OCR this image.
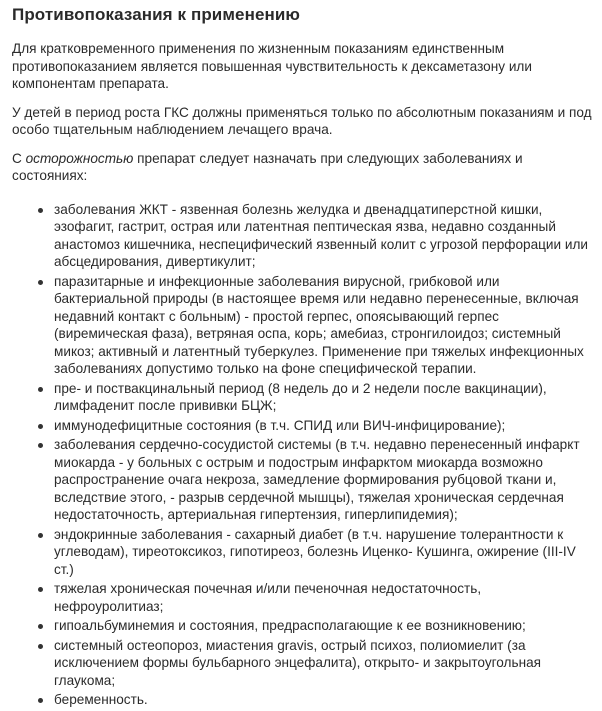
Противопоказания к применению

Для кратковременного применения по жизненным показаниям единственным противопоказанием является повышенная чувствительность к дексаметазону или компонентам препарата.

У детей в период роста ГКС должны применяться только по абсолютным показаниям и под особо тщательным наблюдением лечащего врача.

С осторожностью препарат следует назначать при следующих заболеваниях и состояниях:

заболевания ЖКТ - язвенная болезнь желудка и двенадцатиперстной кишки, эзофагит, гастрит, острая или латентная пептическая язва, недавно созданный анастомоз кишечника, неспецифический язвенный колит с угрозой перфорации или абсцедирования, дивертикулит;
паразитарные и инфекционные заболевания вирусной, грибковой или бактериальной природы (в настоящее время или недавно перенесенные, включая недавний контакт с больным) - простой герпес, опоясывающий герпес (виремическая фаза), ветряная оспа, корь; амебиаз, стронгилоидоз; системный микоз; активный и латентный туберкулез. Применение при тяжелых инфекционных заболеваниях допустимо только на фоне специфической терапии.
пре- и поствакцинальный период (8 недель до и 2 недели после вакцинации), лимфаденит после прививки БЦЖ;
иммунодефицитные состояния (в т.ч. СПИД или ВИЧ-инфицирование);
заболевания сердечно-сосудистой системы (в т.ч. недавно перенесенный инфаркт миокарда - у больных с острым и подострым инфарктом миокарда возможно распространение очага некроза, замедление формирования рубцовой ткани и, вследствие этого, - разрыв сердечной мышцы), тяжелая хроническая сердечная недостаточность, артериальная гипертензия, гиперлипидемия);
эндокринные заболевания - сахарный диабет (в т.ч. нарушение толерантности к углеводам), тиреотоксикоз, гипотиреоз, болезнь Иценко- Кушинга, ожирение (III-IV ст.)
тяжелая хроническая почечная и/или печеночная недостаточность, нефроуролитиаз;
гипоальбуминемия и состояния, предрасполагающие к ее возникновению;
системный остеопороз, миастения gravis, острый психоз, полиомиелит (за исключением формы бульбарного энцефалита), открыто- и закрытоугольная глаукома;
беременность.
